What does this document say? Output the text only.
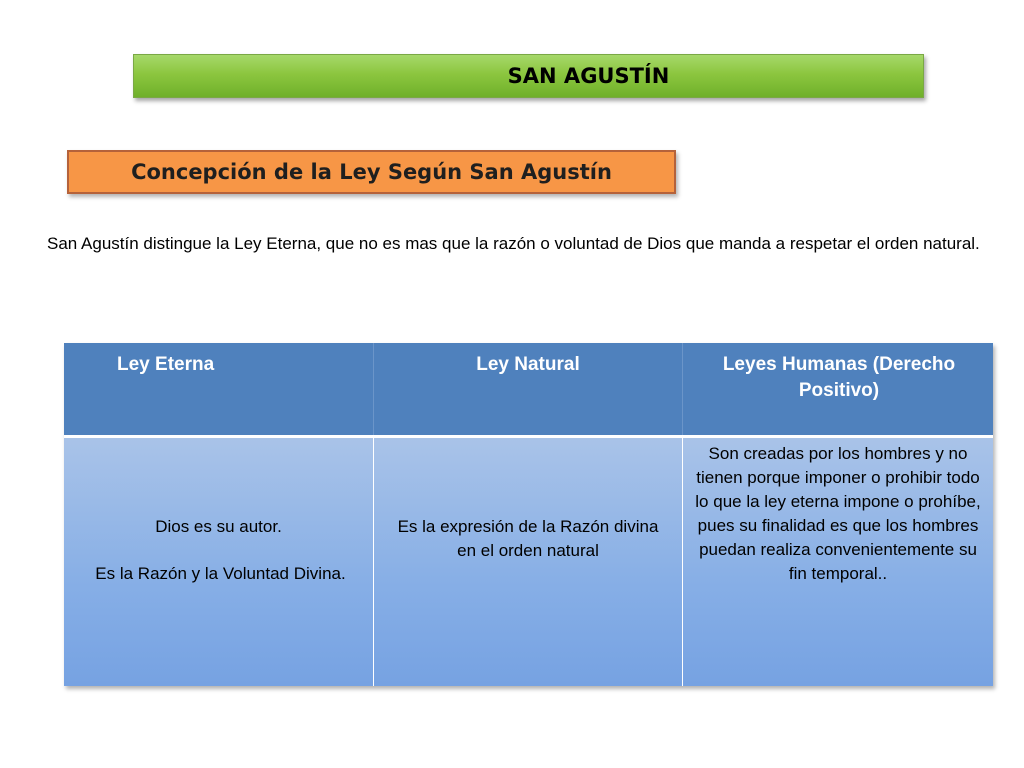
SAN AGUSTÍN
Concepción de la Ley Según San Agustín

San Agustín distingue la Ley Eterna, que no es mas que la razón o voluntad de Dios que manda a respetar el orden natural.

Ley Eterna	Ley Natural	Leyes Humanas (Derecho Positivo)
Dios es su autor.
Es la Razón y la Voluntad Divina.
Es la expresión de la Razón divina en el orden natural
Son creadas por los hombres y no tienen porque imponer o prohibir todo lo que la ley eterna impone o prohíbe, pues su finalidad es que los hombres puedan realiza convenientemente su fin temporal..
